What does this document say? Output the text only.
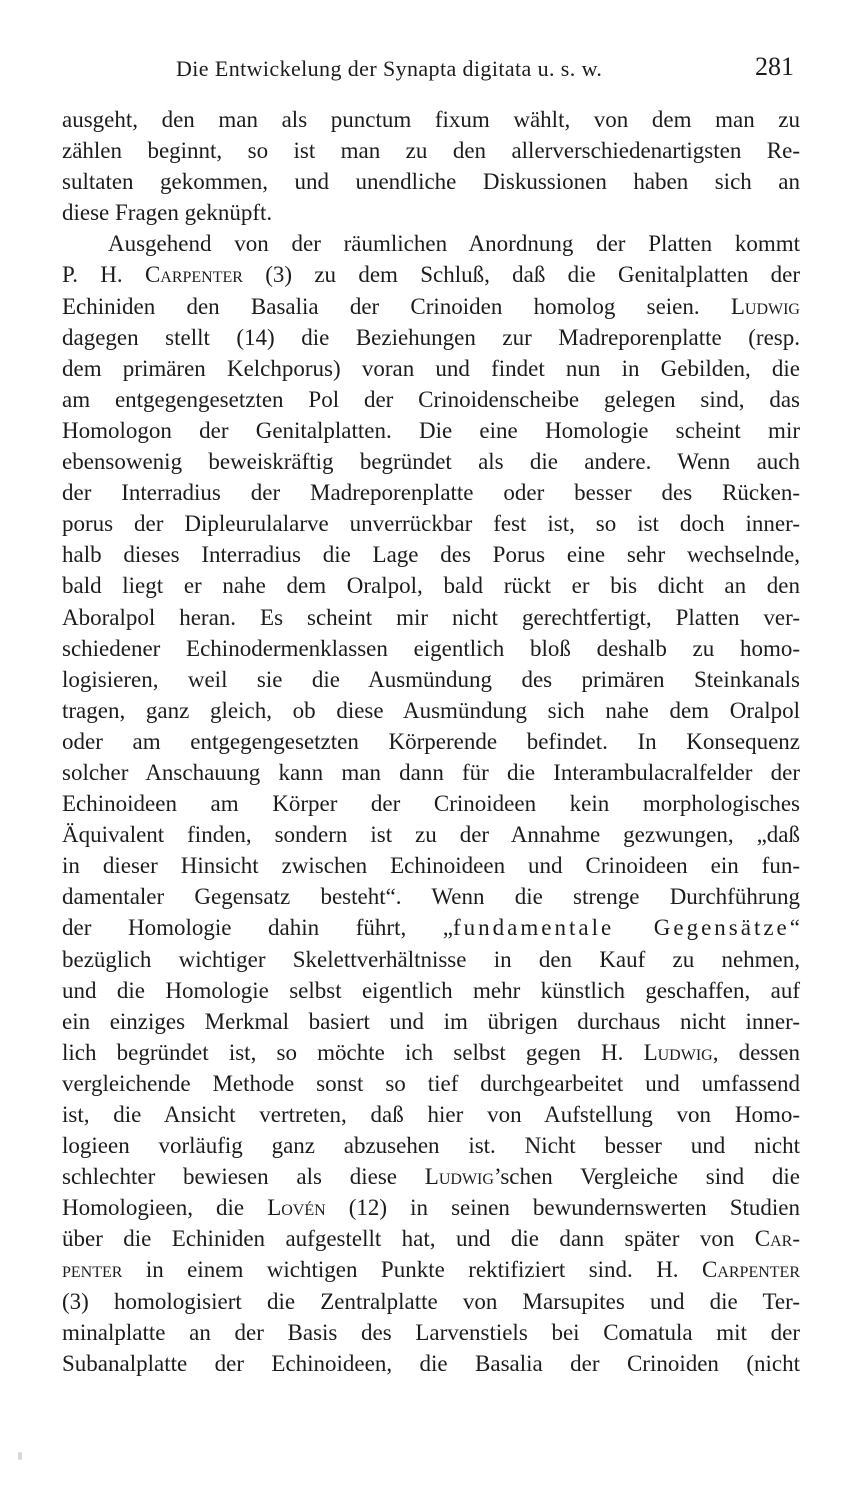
Die Entwickelung der Synapta digitata u. s. w.	281
ausgeht, den man als punctum fixum wählt, von dem man zu
zählen beginnt, so ist man zu den allerverschiedenartigsten Re-
sultaten gekommen, und unendliche Diskussionen haben sich an
diese Fragen geknüpft.
Ausgehend von der räumlichen Anordnung der Platten kommt
P. H. Carpenter (3) zu dem Schluß, daß die Genitalplatten der
Echiniden den Basalia der Crinoiden homolog seien. Ludwig
dagegen stellt (14) die Beziehungen zur Madreporenplatte (resp.
dem primären Kelchporus) voran und findet nun in Gebilden, die
am entgegengesetzten Pol der Crinoidenscheibe gelegen sind, das
Homologon der Genitalplatten. Die eine Homologie scheint mir
ebensowenig beweiskräftig begründet als die andere. Wenn auch
der Interradius der Madreporenplatte oder besser des Rücken-
porus der Dipleurulalarve unverrückbar fest ist, so ist doch inner-
halb dieses Interradius die Lage des Porus eine sehr wechselnde,
bald liegt er nahe dem Oralpol, bald rückt er bis dicht an den
Aboralpol heran. Es scheint mir nicht gerechtfertigt, Platten ver-
schiedener Echinodermenklassen eigentlich bloß deshalb zu homo-
logisieren, weil sie die Ausmündung des primären Steinkanals
tragen, ganz gleich, ob diese Ausmündung sich nahe dem Oralpol
oder am entgegengesetzten Körperende befindet. In Konsequenz
solcher Anschauung kann man dann für die Interambulacralfelder der
Echinoideen am Körper der Crinoideen kein morphologisches
Äquivalent finden, sondern ist zu der Annahme gezwungen, „daß
in dieser Hinsicht zwischen Echinoideen und Crinoideen ein fun-
damentaler Gegensatz besteht“. Wenn die strenge Durchführung
der Homologie dahin führt, „fundamentale Gegensätze“
bezüglich wichtiger Skelettverhältnisse in den Kauf zu nehmen,
und die Homologie selbst eigentlich mehr künstlich geschaffen, auf
ein einziges Merkmal basiert und im übrigen durchaus nicht inner-
lich begründet ist, so möchte ich selbst gegen H. Ludwig, dessen
vergleichende Methode sonst so tief durchgearbeitet und umfassend
ist, die Ansicht vertreten, daß hier von Aufstellung von Homo-
logieen vorläufig ganz abzusehen ist. Nicht besser und nicht
schlechter bewiesen als diese Ludwig’schen Vergleiche sind die
Homologieen, die Lovén (12) in seinen bewundernswerten Studien
über die Echiniden aufgestellt hat, und die dann später von Car-
penter in einem wichtigen Punkte rektifiziert sind. H. Carpenter
(3) homologisiert die Zentralplatte von Marsupites und die Ter-
minalplatte an der Basis des Larvenstiels bei Comatula mit der
Subanalplatte der Echinoideen, die Basalia der Crinoiden (nicht
